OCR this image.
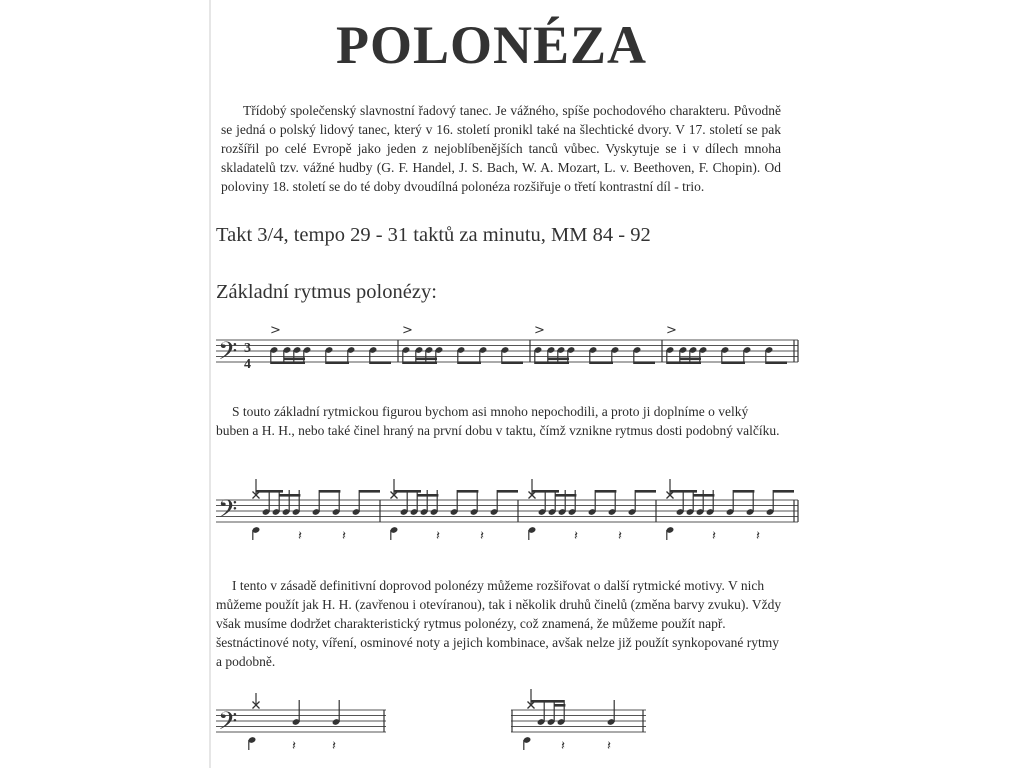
POLONÉZA
Třídobý společenský slavnostní řadový tanec. Je vážného, spíše pochodového charakteru. Původně se jedná o polský lidový tanec, který v 16. století pronikl také na šlechtické dvory. V 17. století se pak rozšířil po celé Evropě jako jeden z nejoblíbenějších tanců vůbec. Vyskytuje se i v dílech mnoha skladatelů tzv. vážné hudby (G. F. Handel, J. S. Bach, W. A. Mozart, L. v. Beethoven, F. Chopin). Od poloviny 18. století se do té doby dvoudílná polonéza rozšiřuje o třetí kontrastní díl - trio.
Takt 3/4, tempo 29 - 31 taktů za minutu, MM 84 - 92
Základní rytmus polonézy:
𝄢 3
4
>	>	>	>
S touto základní rytmickou figurou bychom asi mnoho nepochodili, a proto ji doplníme o velký buben a H. H., nebo také činel hraný na první dobu v taktu, čímž vznikne rytmus dosti podobný valčíku.
𝄢
𝄽	𝄽	𝄽	𝄽	𝄽	𝄽	𝄽	𝄽
I tento v zásadě definitivní doprovod polonézy můžeme rozšiřovat o další rytmické motivy. V nich můžeme použít jak H. H. (zavřenou i otevíranou), tak i několik druhů činelů (změna barvy zvuku). Vždy však musíme dodržet charakteristický rytmus polonézy, což znamená, že můžeme použít např. šestnáctinové noty, víření, osminové noty a jejich kombinace, avšak nelze již použít synkopované rytmy a podobně.
𝄢
𝄽	𝄽	𝄽	𝄽
